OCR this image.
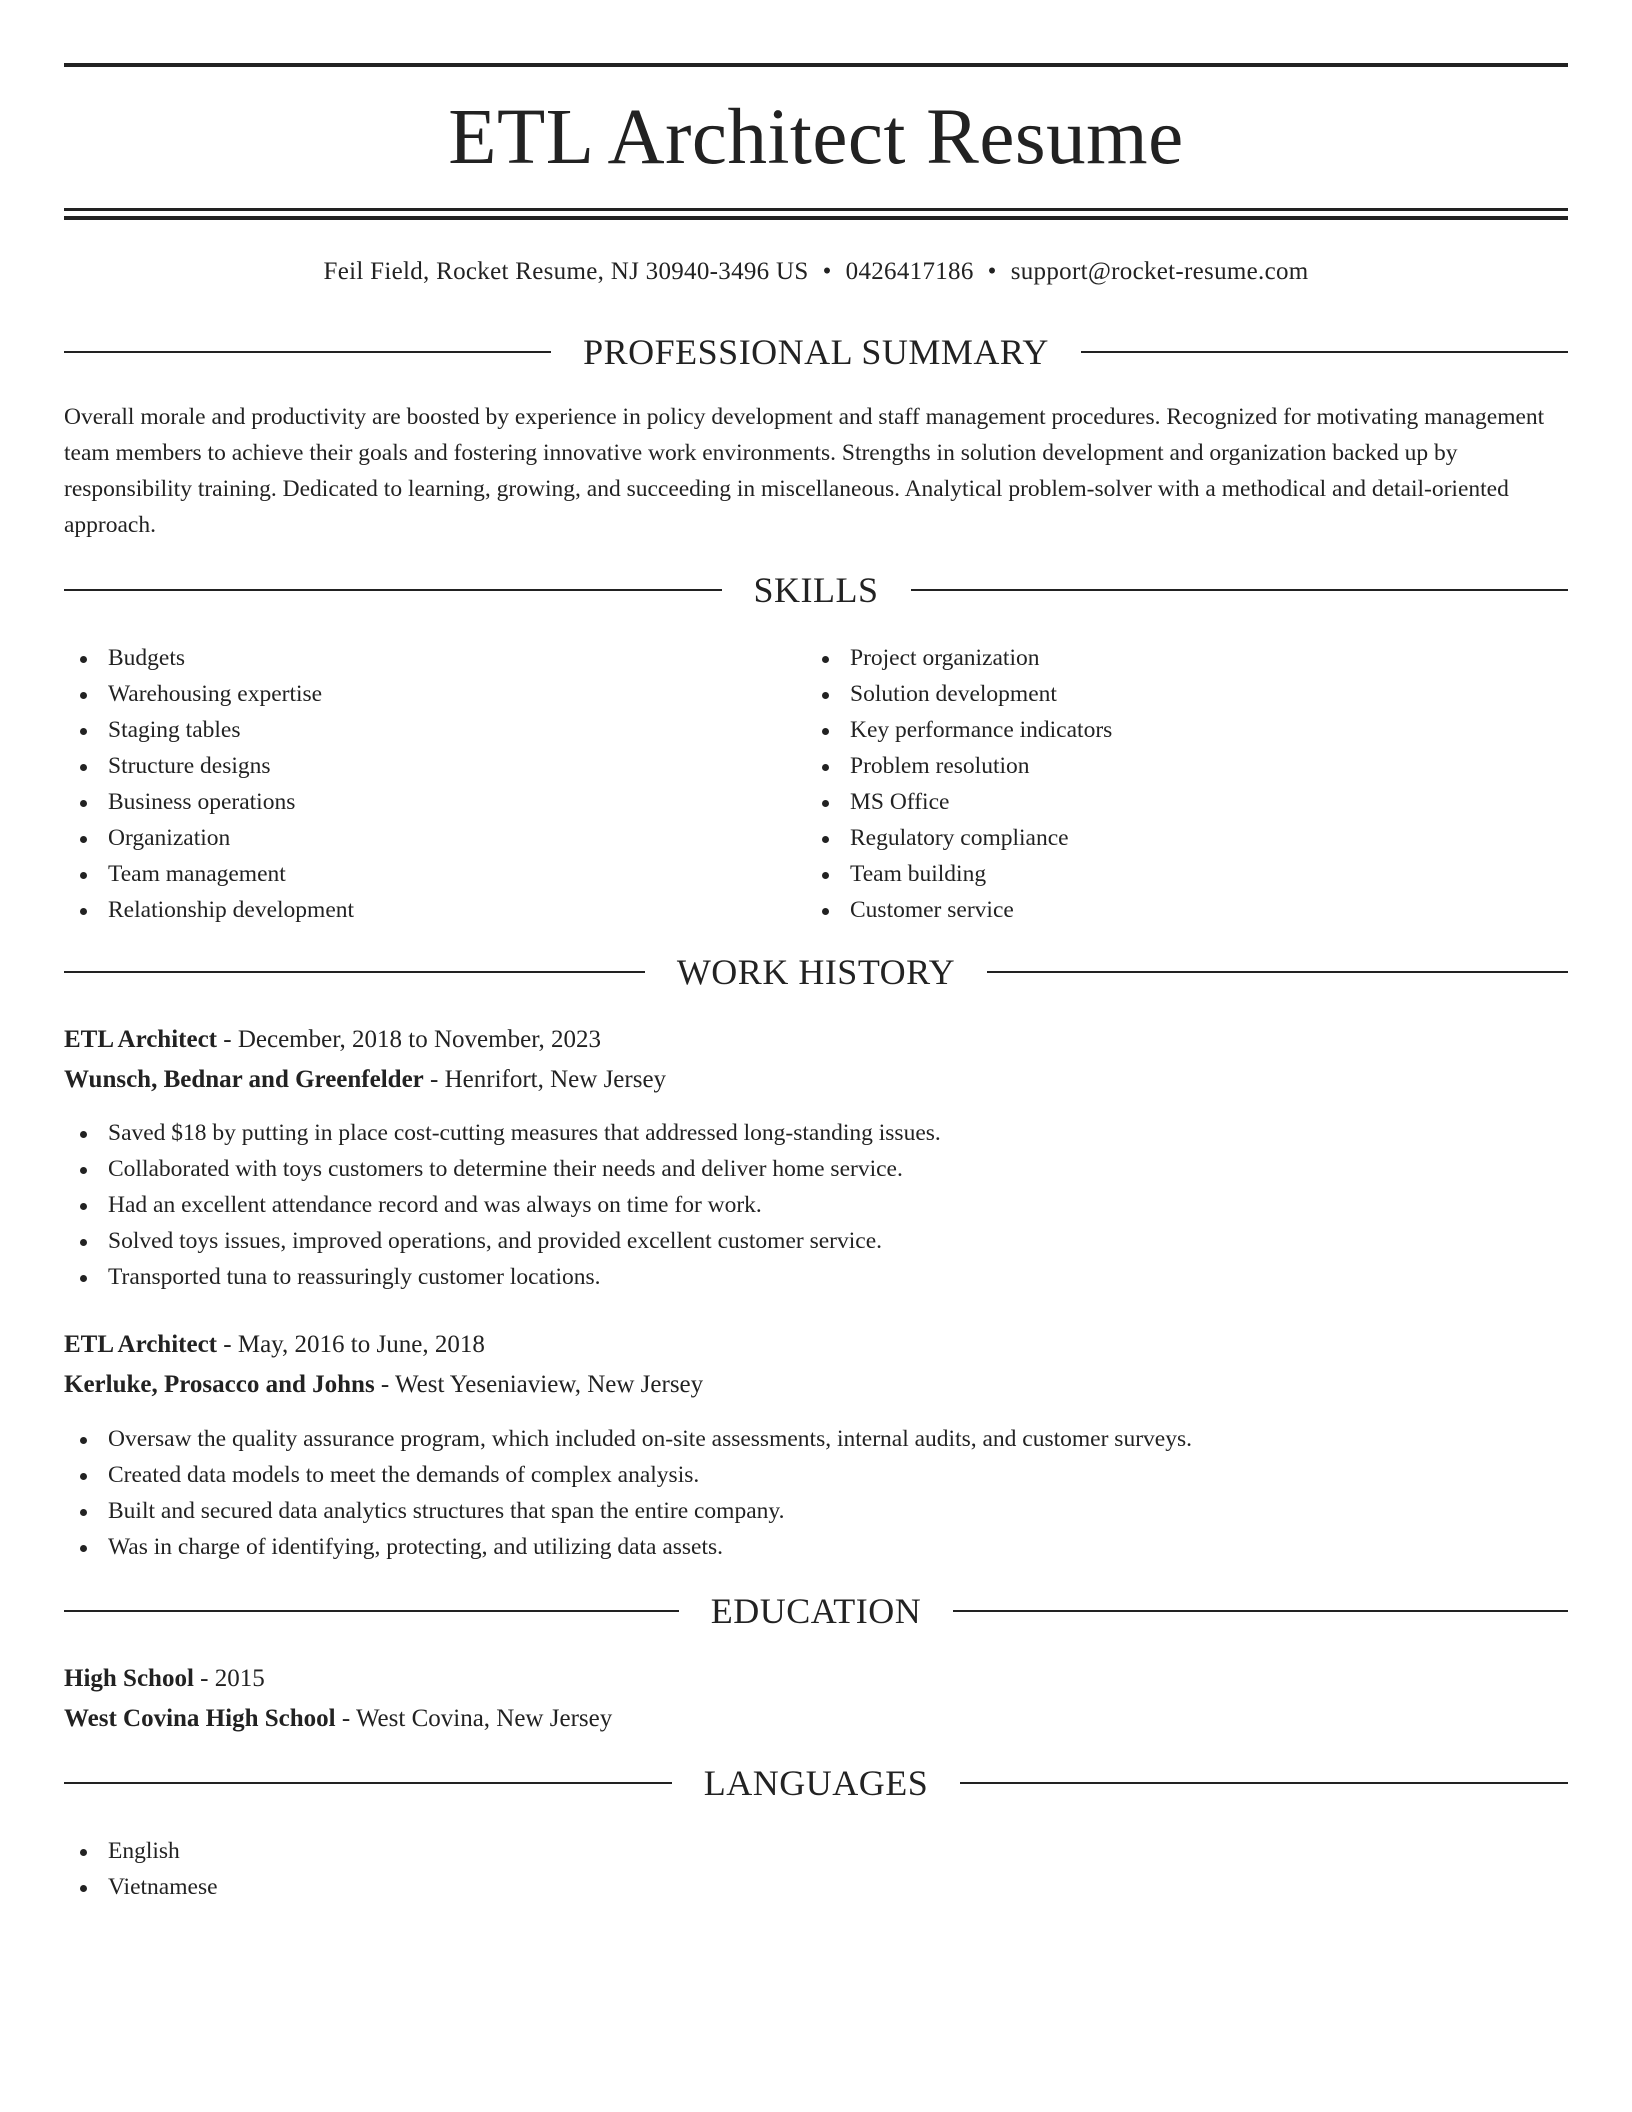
ETL Architect Resume
Feil Field, Rocket Resume, NJ 30940-3496 US • 0426417186 • support@rocket-resume.com
PROFESSIONAL SUMMARY

Overall morale and productivity are boosted by experience in policy development and staff management procedures. Recognized for motivating management team members to achieve their goals and fostering innovative work environments. Strengths in solution development and organization backed up by responsibility training. Dedicated to learning, growing, and succeeding in miscellaneous. Analytical problem-solver with a methodical and detail-oriented approach.

SKILLS
Budgets
Warehousing expertise
Staging tables
Structure designs
Business operations
Organization
Team management
Relationship development
Project organization
Solution development
Key performance indicators
Problem resolution
MS Office
Regulatory compliance
Team building
Customer service
WORK HISTORY
ETL Architect - December, 2018 to November, 2023
Wunsch, Bednar and Greenfelder - Henrifort, New Jersey
Saved $18 by putting in place cost-cutting measures that addressed long-standing issues.
Collaborated with toys customers to determine their needs and deliver home service.
Had an excellent attendance record and was always on time for work.
Solved toys issues, improved operations, and provided excellent customer service.
Transported tuna to reassuringly customer locations.
ETL Architect - May, 2016 to June, 2018
Kerluke, Prosacco and Johns - West Yeseniaview, New Jersey
Oversaw the quality assurance program, which included on-site assessments, internal audits, and customer surveys.
Created data models to meet the demands of complex analysis.
Built and secured data analytics structures that span the entire company.
Was in charge of identifying, protecting, and utilizing data assets.
EDUCATION
High School - 2015
West Covina High School - West Covina, New Jersey
LANGUAGES
English
Vietnamese
